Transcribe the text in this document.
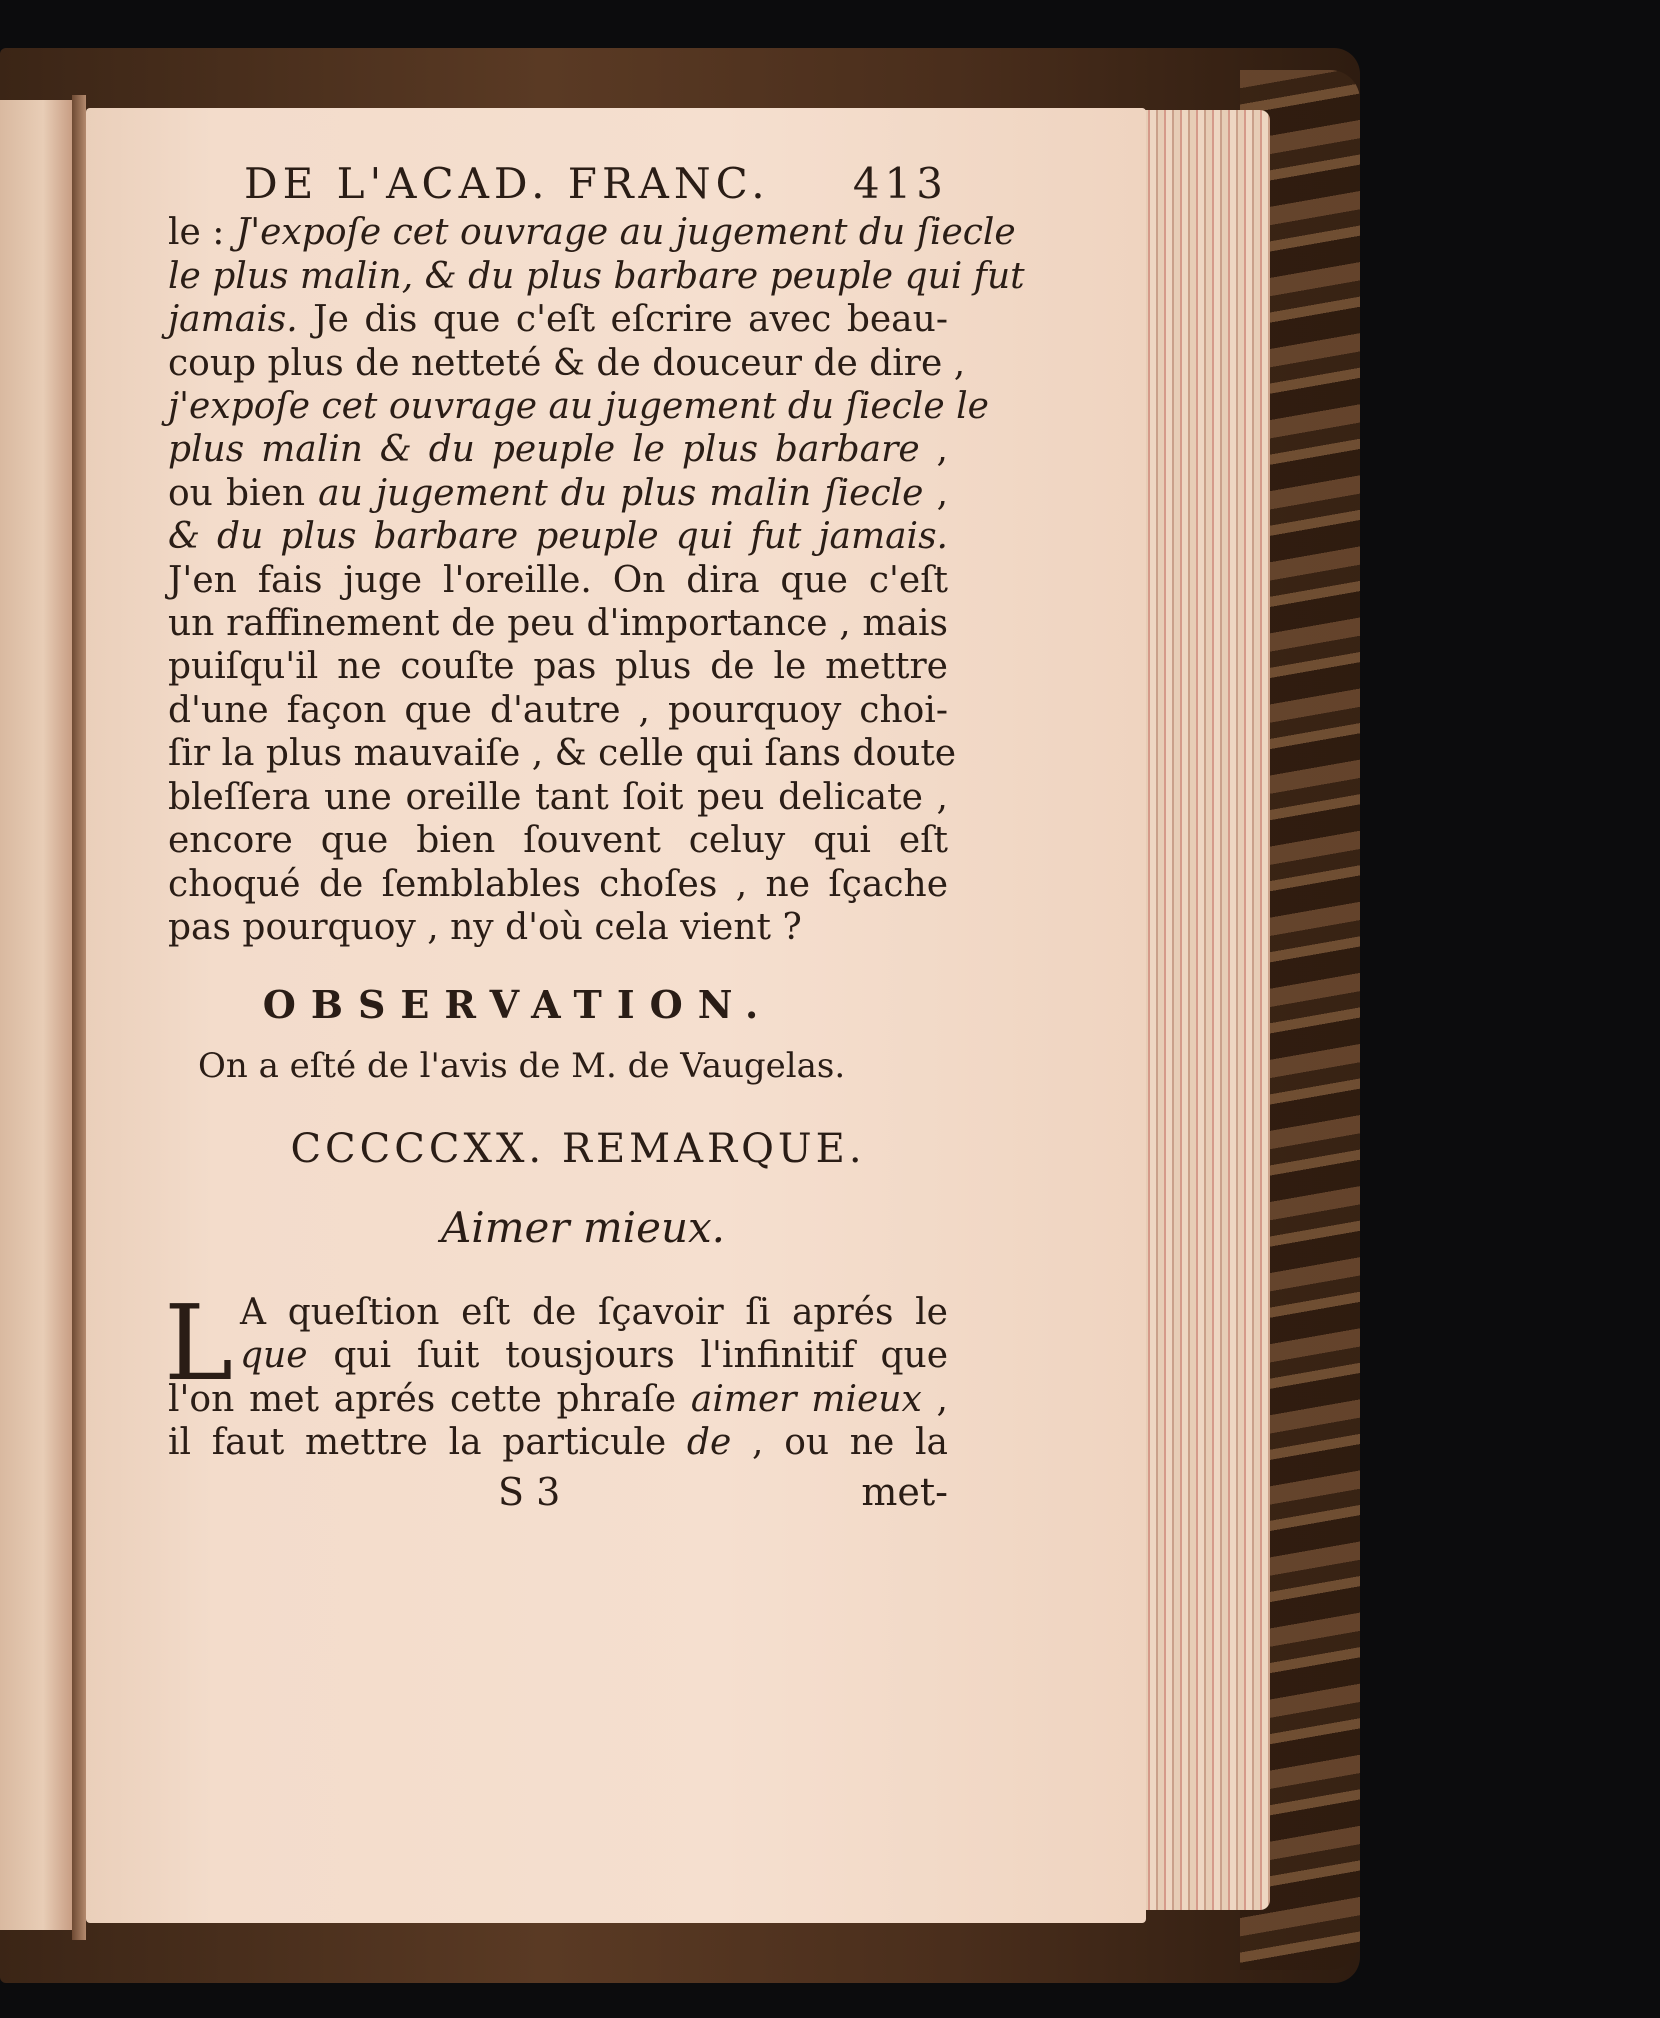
DE L'ACAD. FRANC. 413
le : J'expoſe cet ouvrage au jugement du ſiecle
le plus malin, & du plus barbare peuple qui fut
jamais. Je dis que c'eſt eſcrire avec beau-
coup plus de netteté & de douceur de dire ,
j'expoſe cet ouvrage au jugement du ſiecle le
plus malin & du peuple le plus barbare ,
ou bien au jugement du plus malin ſiecle ,
& du plus barbare peuple qui fut jamais.
J'en fais juge l'oreille. On dira que c'eſt
un raffinement de peu d'importance , mais
puiſqu'il ne couſte pas plus de le mettre
d'une façon que d'autre , pourquoy choi-
ſir la plus mauvaiſe , & celle qui ſans doute
bleſſera une oreille tant ſoit peu delicate ,
encore que bien ſouvent celuy qui eſt
choqué de ſemblables choſes , ne ſçache
pas pourquoy , ny d'où cela vient ?
OBSERVATION.
On a eſté de l'avis de M. de Vaugelas.
CCCCCXX. REMARQUE.
Aimer mieux.
L A queſtion eſt de ſçavoir ſi aprés le
que qui ſuit tousjours l'infinitif que
l'on met aprés cette phraſe aimer mieux ,
il faut mettre la particule de , ou ne la
S 3	met-
